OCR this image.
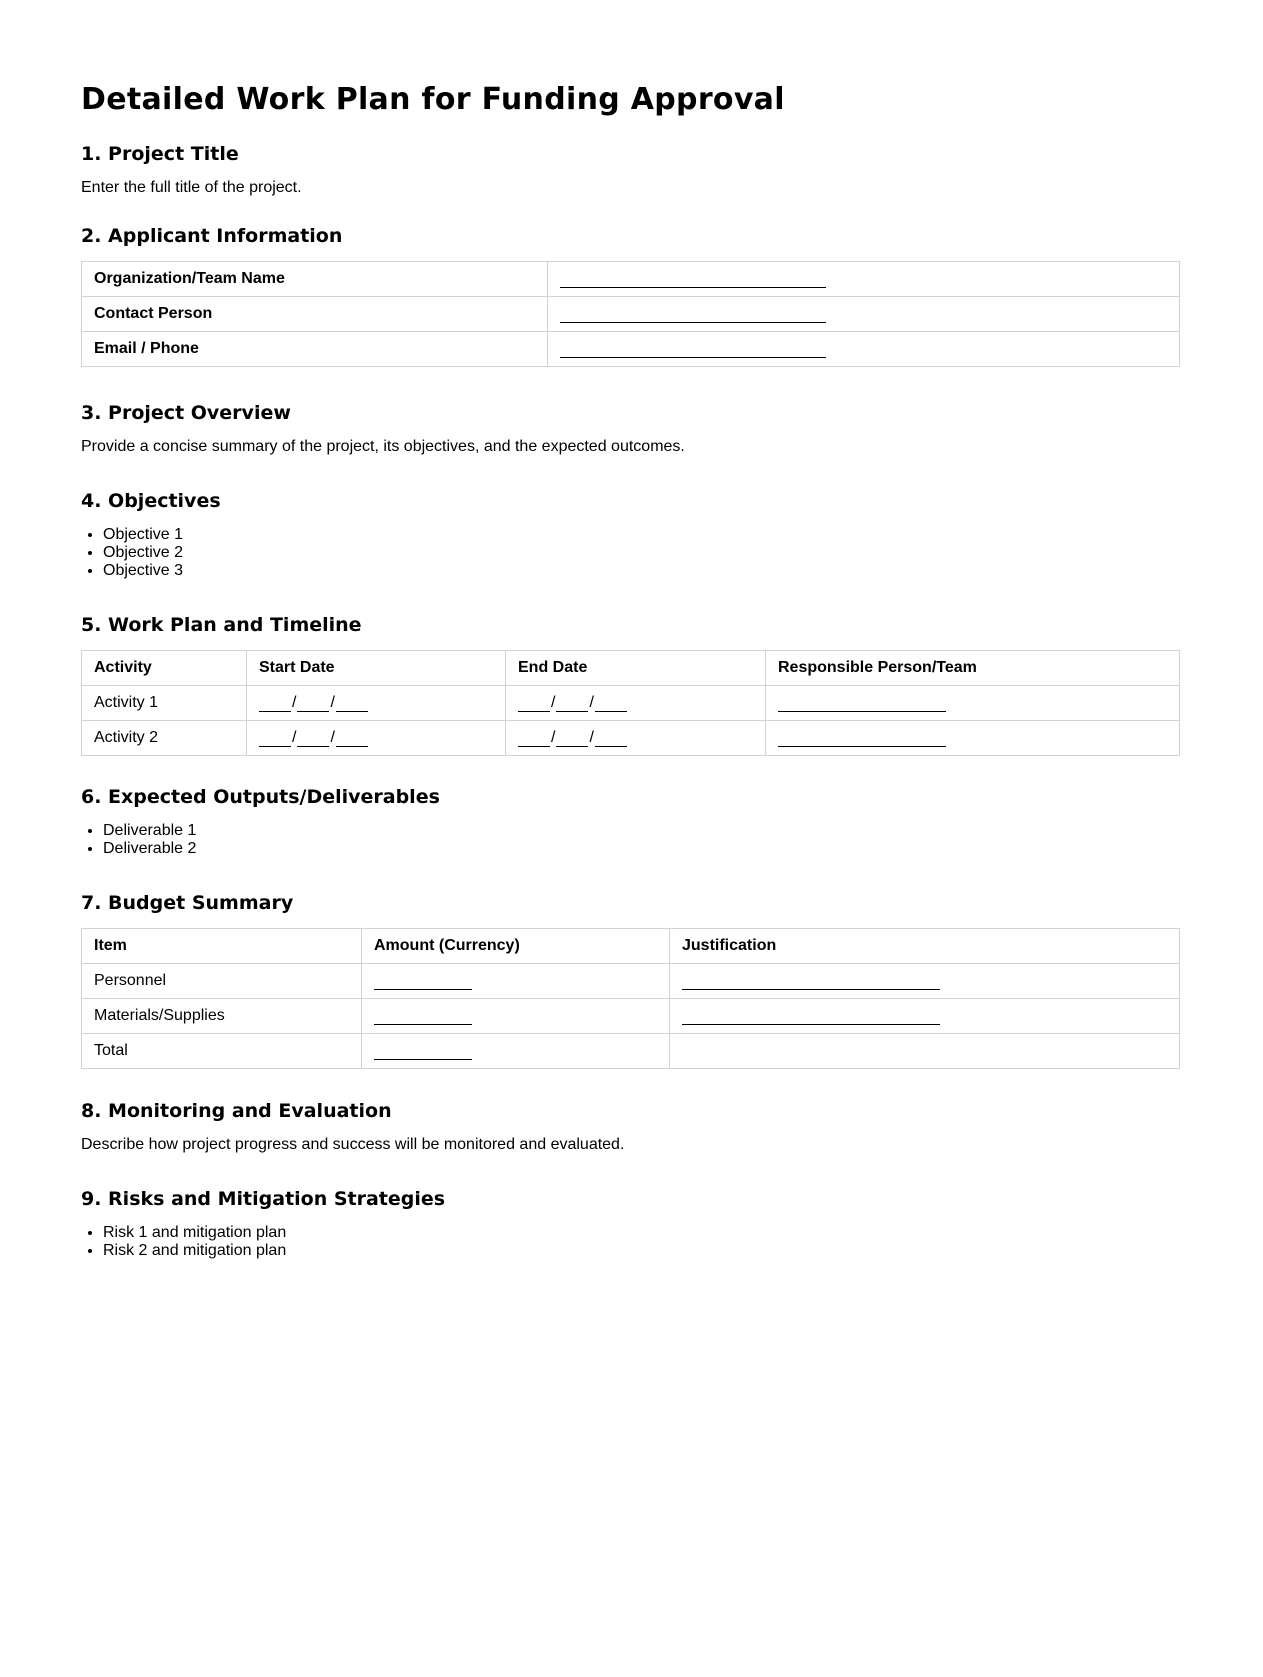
Detailed Work Plan for Funding Approval
1. Project Title
Enter the full title of the project.
2. Applicant Information
Organization/Team Name	
Contact Person	
Email / Phone	
3. Project Overview
Provide a concise summary of the project, its objectives, and the expected outcomes.
4. Objectives
• Objective 1
• Objective 2
• Objective 3
5. Work Plan and Timeline
Activity	Start Date	End Date	Responsible Person/Team
Activity 1	/ /	/ /	
Activity 2	/ /	/ /	
6. Expected Outputs/Deliverables
• Deliverable 1
• Deliverable 2
7. Budget Summary
Item	Amount (Currency)	Justification
Personnel		
Materials/Supplies		
Total		
8. Monitoring and Evaluation
Describe how project progress and success will be monitored and evaluated.
9. Risks and Mitigation Strategies
• Risk 1 and mitigation plan
• Risk 2 and mitigation plan
